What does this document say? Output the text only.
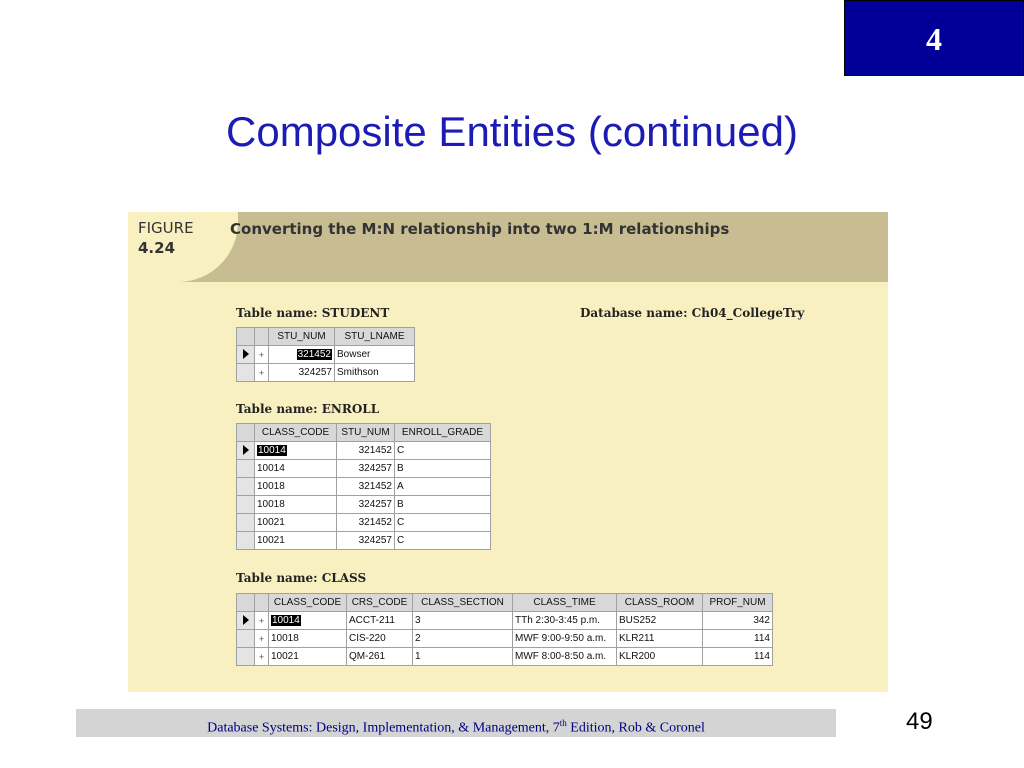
4
Composite Entities (continued)
FIGURE
4.24
Converting the M:N relationship into two 1:M relationships
Table name: STUDENT	Database name: Ch04_CollegeTry
		STU_NUM	STU_LNAME
	+	321452	Bowser
	+	324257	Smithson
Table name: ENROLL
	CLASS_CODE	STU_NUM	ENROLL_GRADE
	10014	321452	C
	10014	324257	B
	10018	321452	A
	10018	324257	B
	10021	321452	C
	10021	324257	C
Table name: CLASS
		CLASS_CODE	CRS_CODE	CLASS_SECTION	CLASS_TIME	CLASS_ROOM	PROF_NUM
	+	10014	ACCT-211	3	TTh 2:30-3:45 p.m.	BUS252	342
	+	10018	CIS-220	2	MWF 9:00-9:50 a.m.	KLR211	114
	+	10021	QM-261	1	MWF 8:00-8:50 a.m.	KLR200	114
Database Systems: Design, Implementation, & Management, 7th Edition, Rob & Coronel	49
